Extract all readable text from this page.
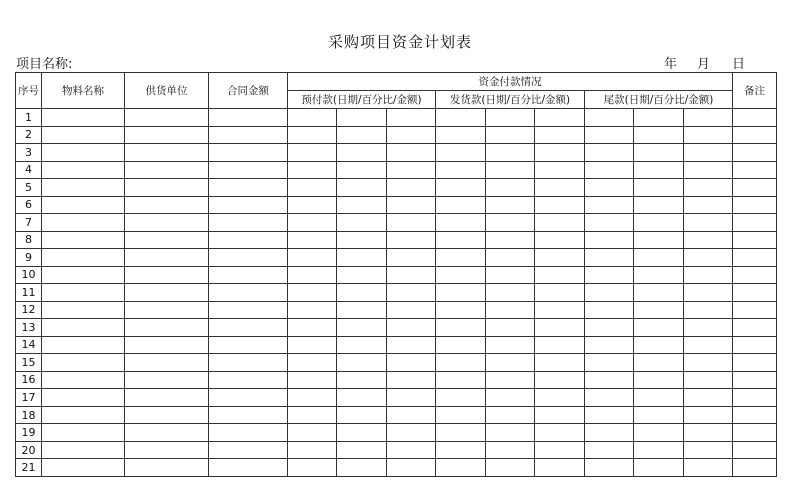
采购项目资金计划表
项目名称:	年 月 日
序号	物料名称	供货单位	合同金额	资金付款情况									备注
				预付款(日期/百分比/金额)			发货款(日期/百分比/金额)			尾款(日期/百分比/金额)			
1													
2													
3													
4													
5													
6													
7													
8													
9													
10													
11													
12													
13													
14													
15													
16													
17													
18													
19													
20													
21													
